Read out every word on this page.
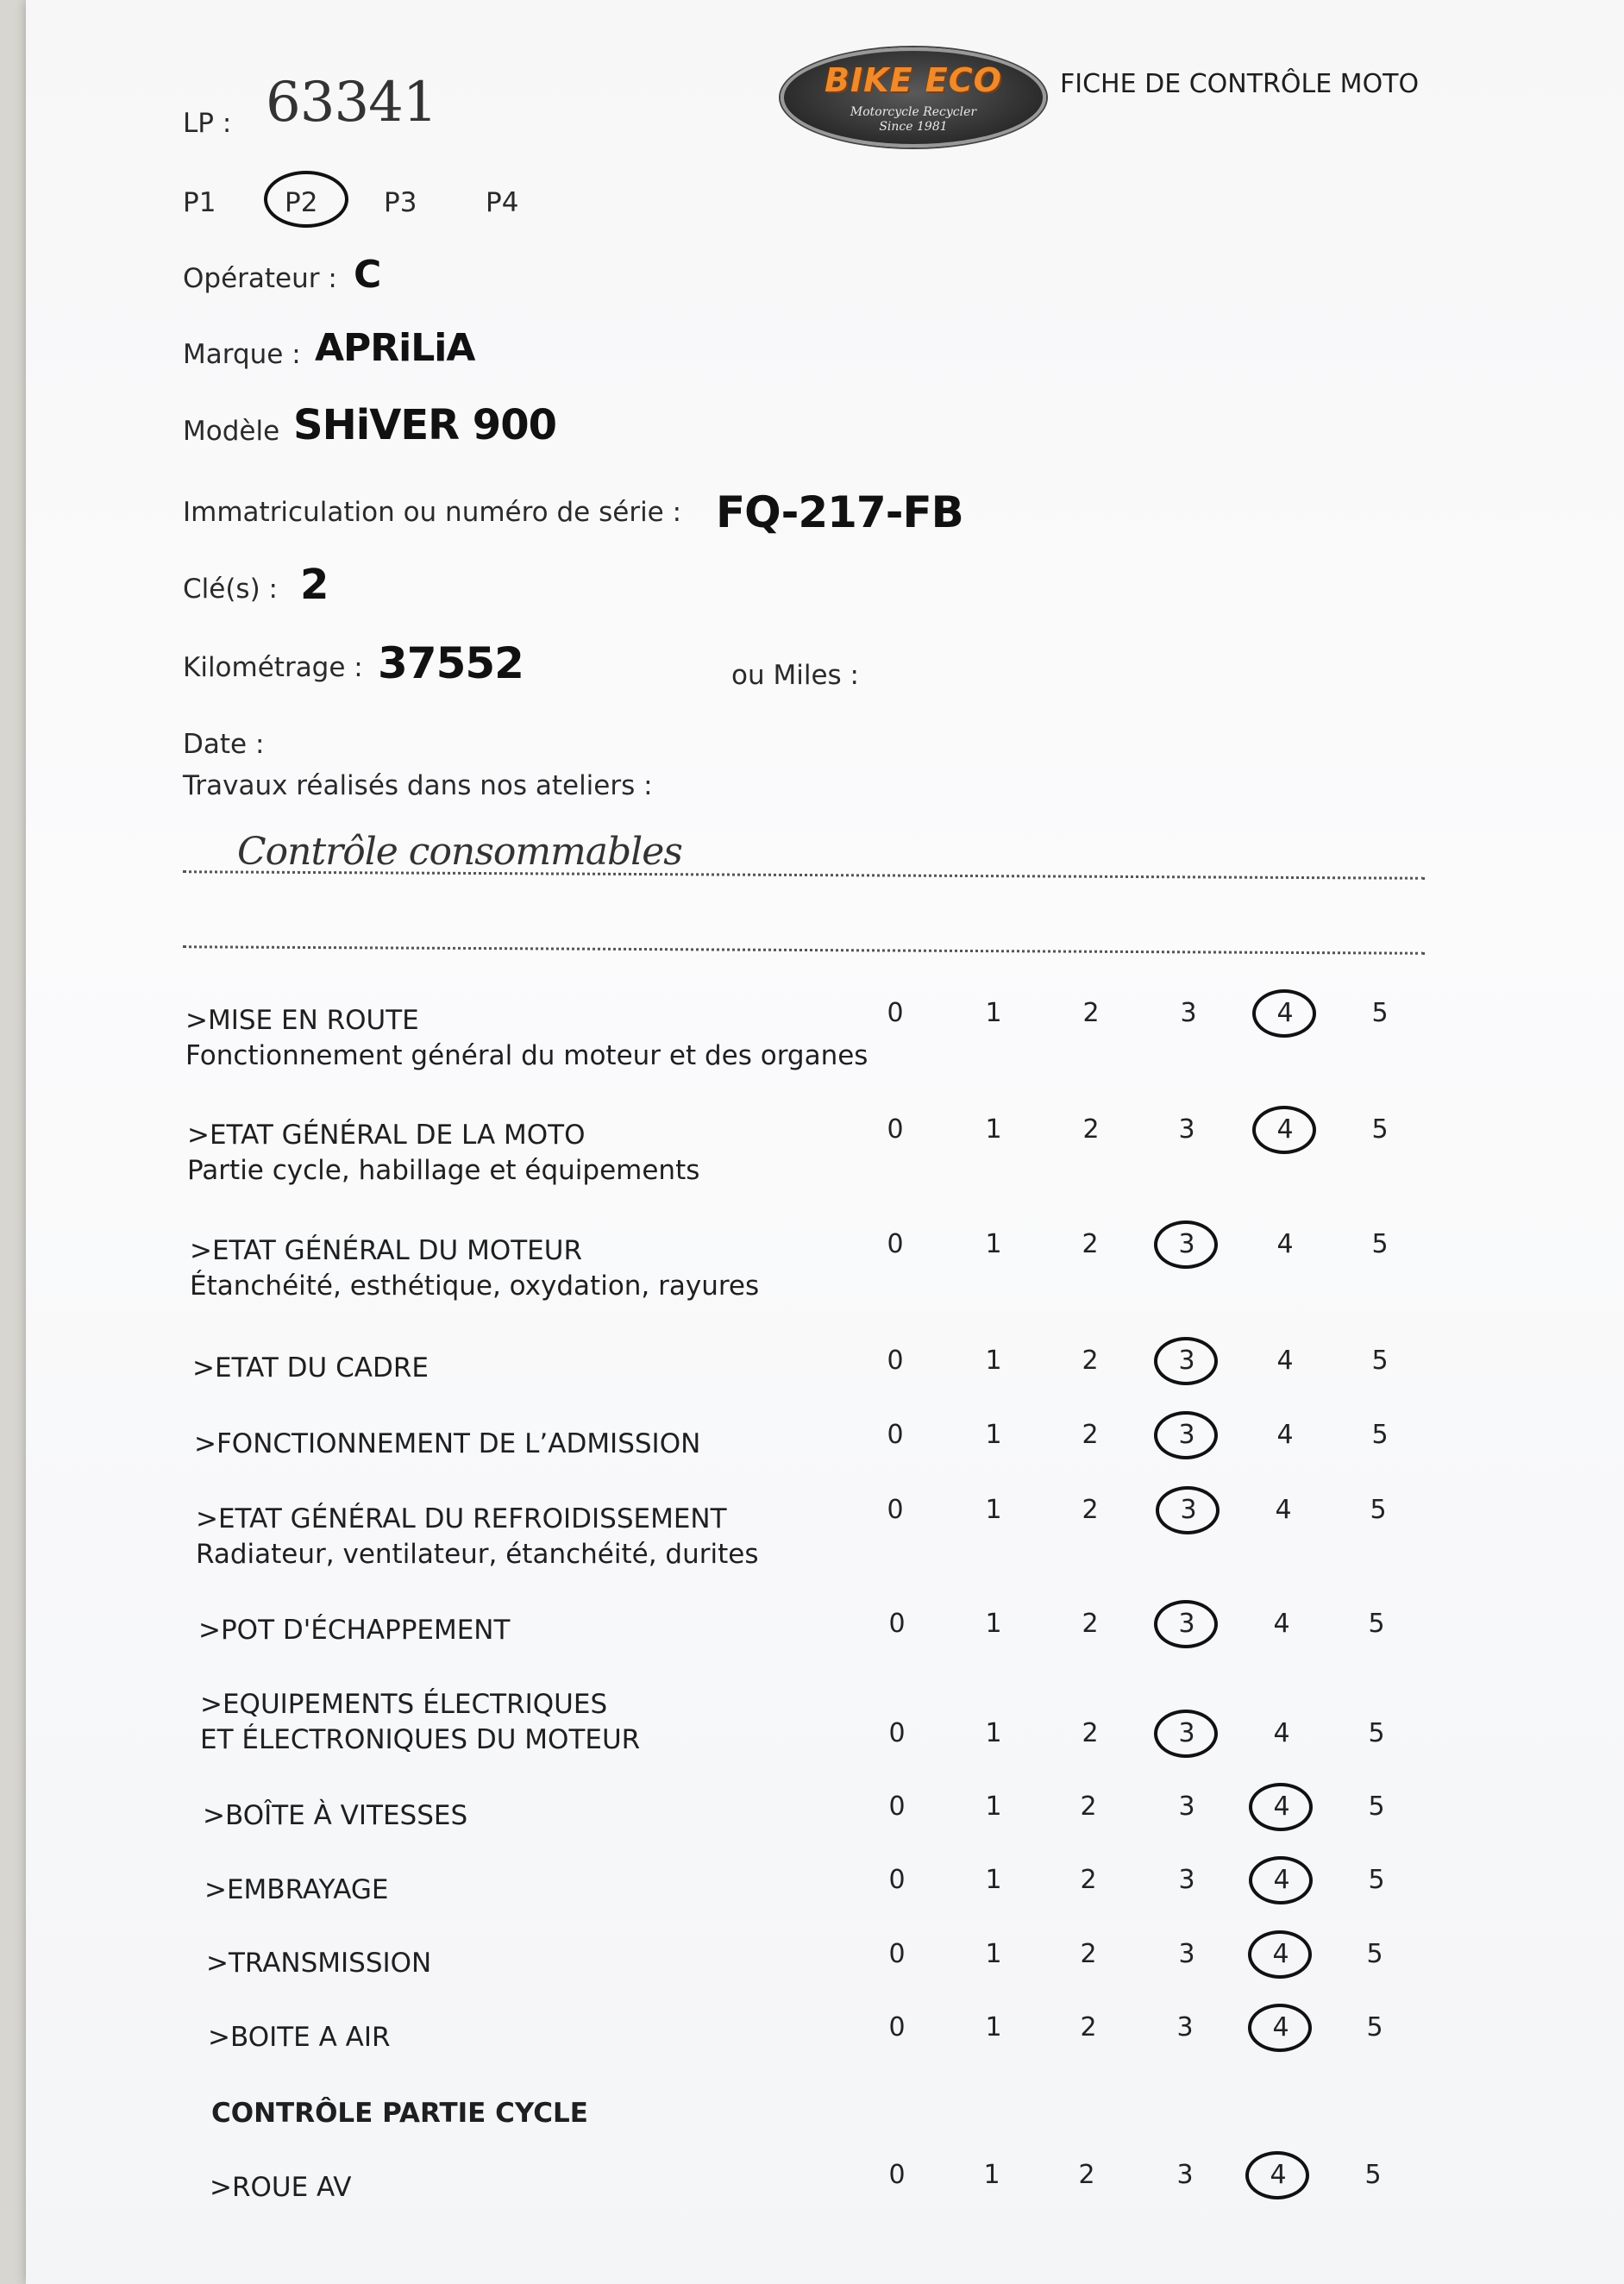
BIKE ECO
Motorcycle Recycler
Since 1981
FICHE DE CONTRÔLE MOTO
LP : 63341
P1	P2 P3	P4
Opérateur : C
Marque : APRiLiA
Modèle SHiVER 900
Immatriculation ou numéro de série : FQ-217-FB
Clé(s) : 2
Kilométrage : 37552	ou Miles :
Date :
Travaux réalisés dans nos ateliers :
Contrôle consommables
>MISE EN ROUTE
Fonctionnement général du moteur et des organes
0	1	2	3	4	5
>ETAT GÉNÉRAL DE LA MOTO
Partie cycle, habillage et équipements
0	1	2	3	4	5
>ETAT GÉNÉRAL DU MOTEUR
Étanchéité, esthétique, oxydation, rayures
0	1	2	3	4	5
>ETAT DU CADRE	0	1	2	3	4	5
>FONCTIONNEMENT DE L’ADMISSION	0	1	2	3	4	5
>ETAT GÉNÉRAL DU REFROIDISSEMENT
Radiateur, ventilateur, étanchéité, durites
0	1	2	3	4	5
>POT D'ÉCHAPPEMENT	0	1	2	3	4	5
>EQUIPEMENTS ÉLECTRIQUES
ET ÉLECTRONIQUES DU MOTEUR	0	1	2	3	4	5
>BOÎTE À VITESSES	0	1	2	3	4	5
>EMBRAYAGE	0	1	2	3	4	5
>TRANSMISSION	0	1	2	3	4	5
>BOITE A AIR	0	1	2	3	4	5
CONTRÔLE PARTIE CYCLE
>ROUE AV	0	1	2	3	4	5
